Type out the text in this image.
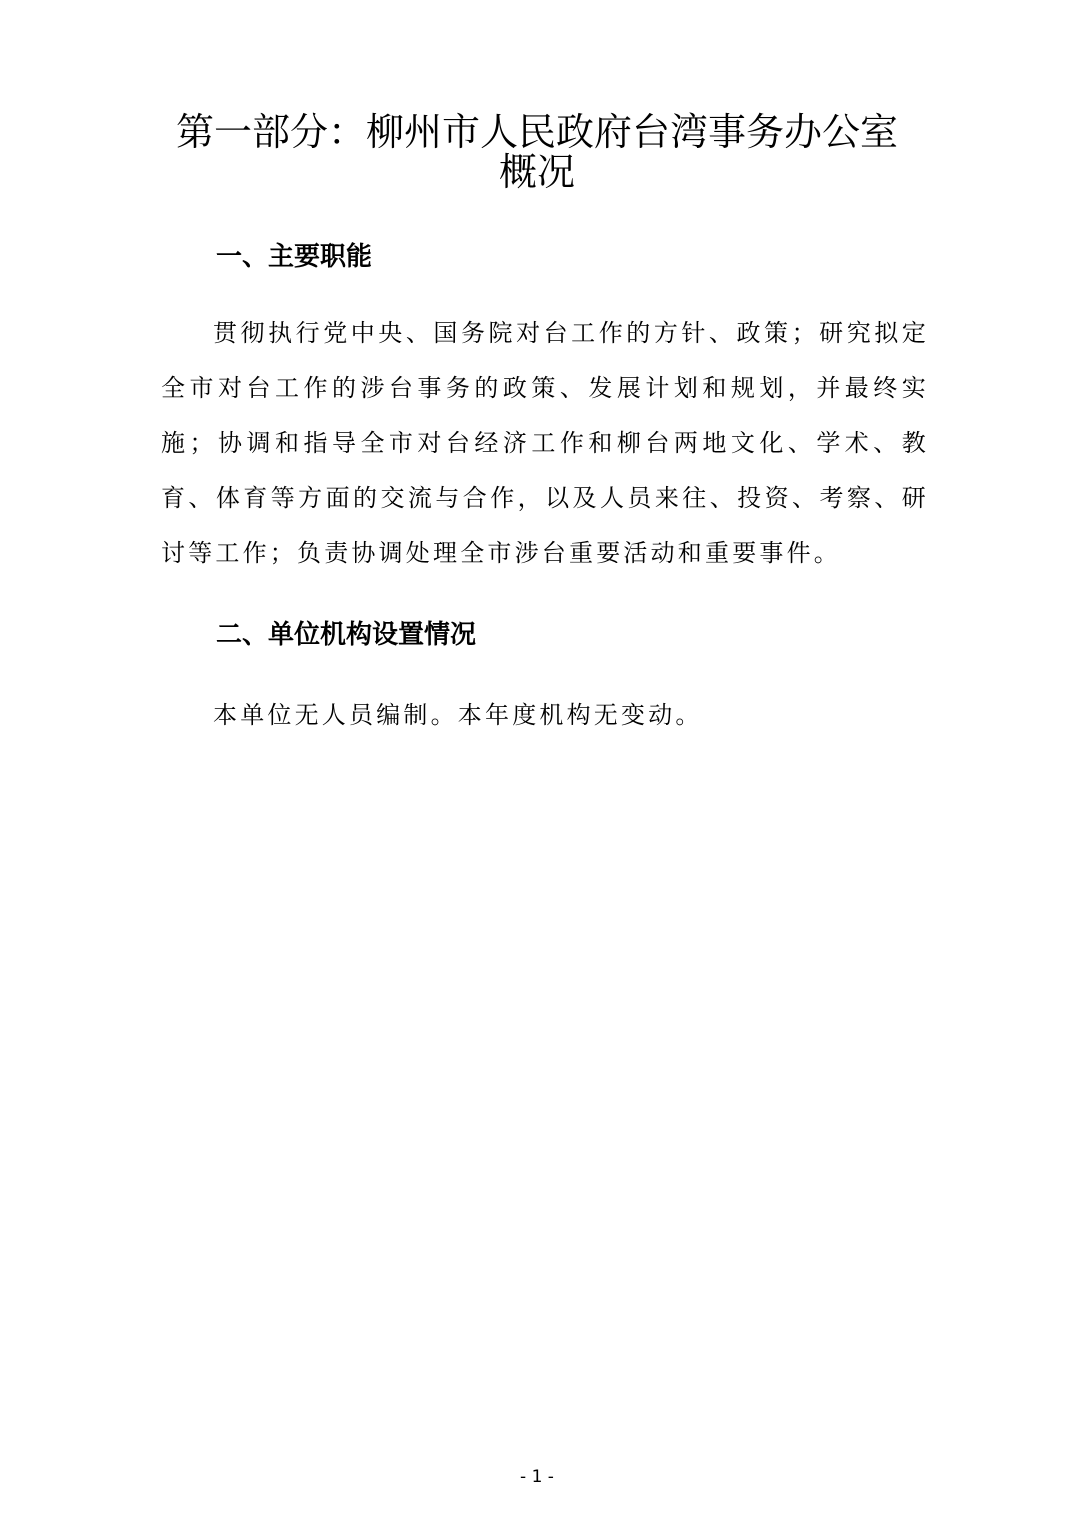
第一部分：柳州市人民政府台湾事务办公室
概况
一、主要职能

贯彻执行党中央、国务院对台工作的方针、政策；研究拟定全市对台工作的涉台事务的政策、发展计划和规划，并最终实施；协调和指导全市对台经济工作和柳台两地文化、学术、教育、体育等方面的交流与合作，以及人员来往、投资、考察、研讨等工作；负责协调处理全市涉台重要活动和重要事件。

二、单位机构设置情况

本单位无人员编制。本年度机构无变动。

- 1 -
